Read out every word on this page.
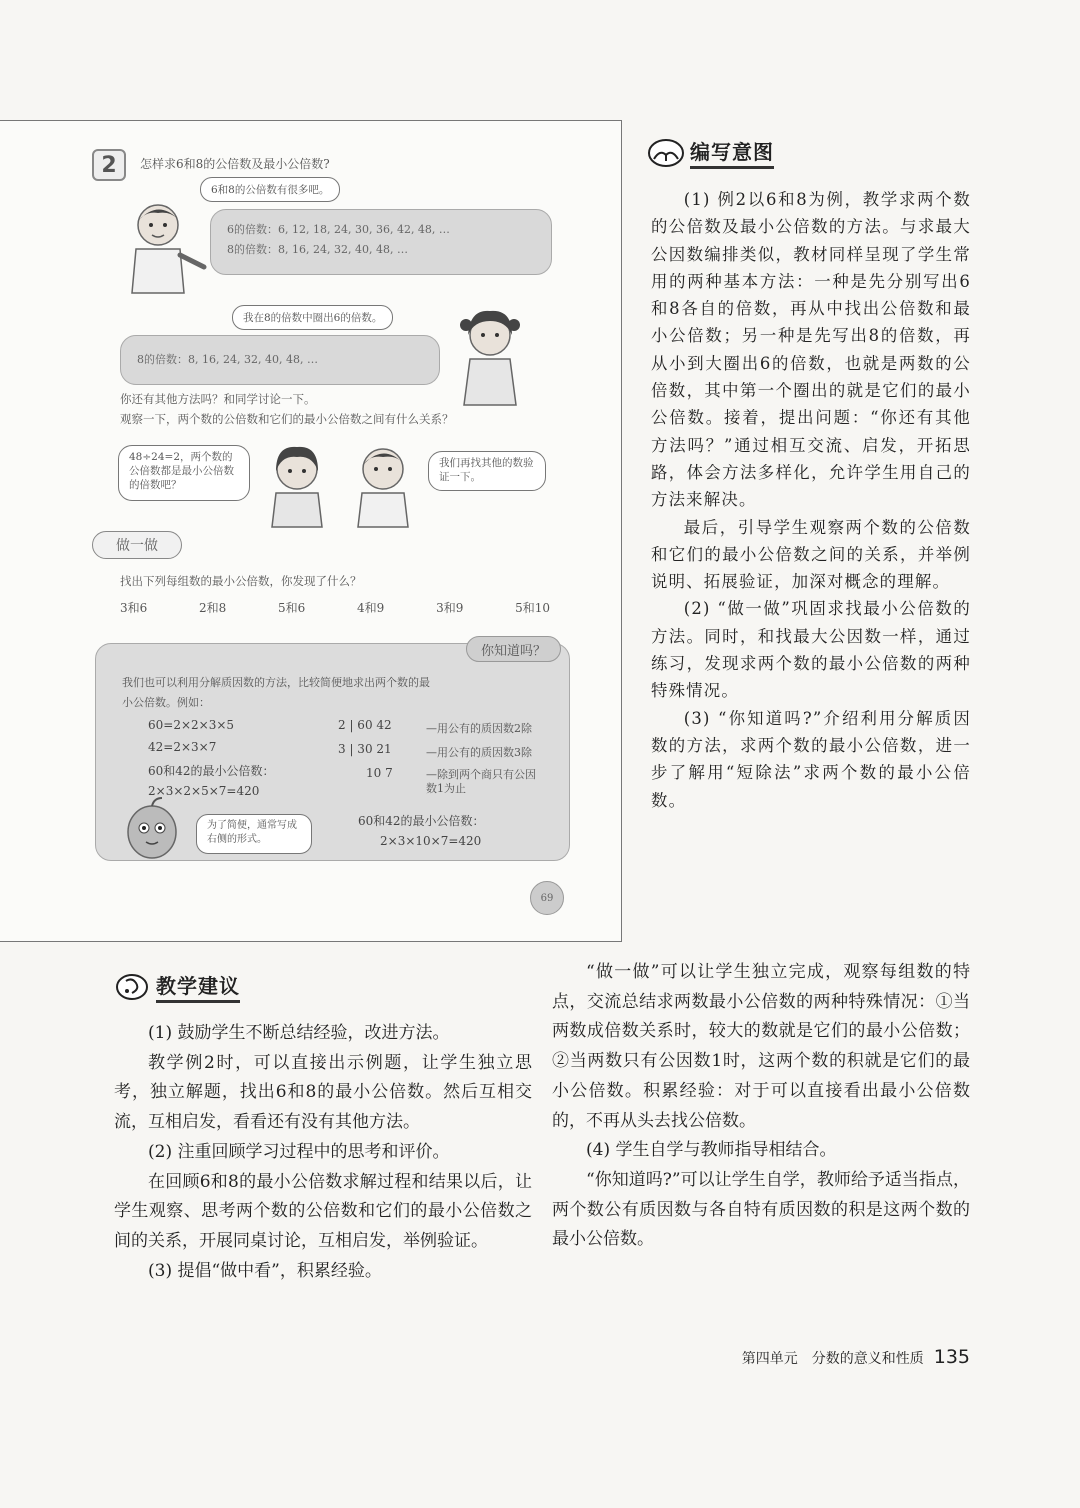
2	怎样求6和8的公倍数及最小公倍数?
6和8的公倍数有很多吧。
6的倍数：6, 12, 18, 24, 30, 36, 42, 48, …
8的倍数：8, 16, 24, 32, 40, 48, …
我在8的倍数中圈出6的倍数。
8的倍数：8, 16, 24, 32, 40, 48, …
你还有其他方法吗？和同学讨论一下。
观察一下，两个数的公倍数和它们的最小公倍数之间有什么关系？
48÷24=2，两个数的公倍数都是最小公倍数的倍数吧？
我们再找其他的数验证一下。
做一做
找出下列每组数的最小公倍数，你发现了什么？
3和6	2和8	5和6	4和9	3和9	5和10
你知道吗？
我们也可以利用分解质因数的方法，比较简便地求出两个数的最
小公倍数。例如：
60=2×2×3×5
42=2×3×7
60和42的最小公倍数：
2×3×2×5×7=420
2 | 60 42	—用公有的质因数2除
3 | 30 21	—用公有的质因数3除
10 7	—除到两个商只有公因数1为止
60和42的最小公倍数：
2×3×10×7=420
为了简便，通常写成右侧的形式。
69
编写意图

(1) 例2以6和8为例，教学求两个数的公倍数及最小公倍数的方法。与求最大公因数编排类似，教材同样呈现了学生常用的两种基本方法：一种是先分别写出6和8各自的倍数，再从中找出公倍数和最小公倍数；另一种是先写出8的倍数，再从小到大圈出6的倍数，也就是两数的公倍数，其中第一个圈出的就是它们的最小公倍数。接着，提出问题：“你还有其他方法吗？”通过相互交流、启发，开拓思路，体会方法多样化，允许学生用自己的方法来解决。

最后，引导学生观察两个数的公倍数和它们的最小公倍数之间的关系，并举例说明、拓展验证，加深对概念的理解。

(2) “做一做”巩固求找最小公倍数的方法。同时，和找最大公因数一样，通过练习，发现求两个数的最小公倍数的两种特殊情况。

(3) “你知道吗?”介绍利用分解质因数的方法，求两个数的最小公倍数，进一步了解用“短除法”求两个数的最小公倍数。

教学建议

(1) 鼓励学生不断总结经验，改进方法。

教学例2时，可以直接出示例题，让学生独立思考，独立解题，找出6和8的最小公倍数。然后互相交流，互相启发，看看还有没有其他方法。

(2) 注重回顾学习过程中的思考和评价。

在回顾6和8的最小公倍数求解过程和结果以后，让学生观察、思考两个数的公倍数和它们的最小公倍数之间的关系，开展同桌讨论，互相启发，举例验证。

(3) 提倡“做中看”，积累经验。

“做一做”可以让学生独立完成，观察每组数的特点，交流总结求两数最小公倍数的两种特殊情况：①当两数成倍数关系时，较大的数就是它们的最小公倍数；②当两数只有公因数1时，这两个数的积就是它们的最小公倍数。积累经验：对于可以直接看出最小公倍数的，不再从头去找公倍数。

(4) 学生自学与教师指导相结合。

“你知道吗?”可以让学生自学，教师给予适当指点，两个数公有质因数与各自特有质因数的积是这两个数的最小公倍数。

第四单元　分数的意义和性质 135
